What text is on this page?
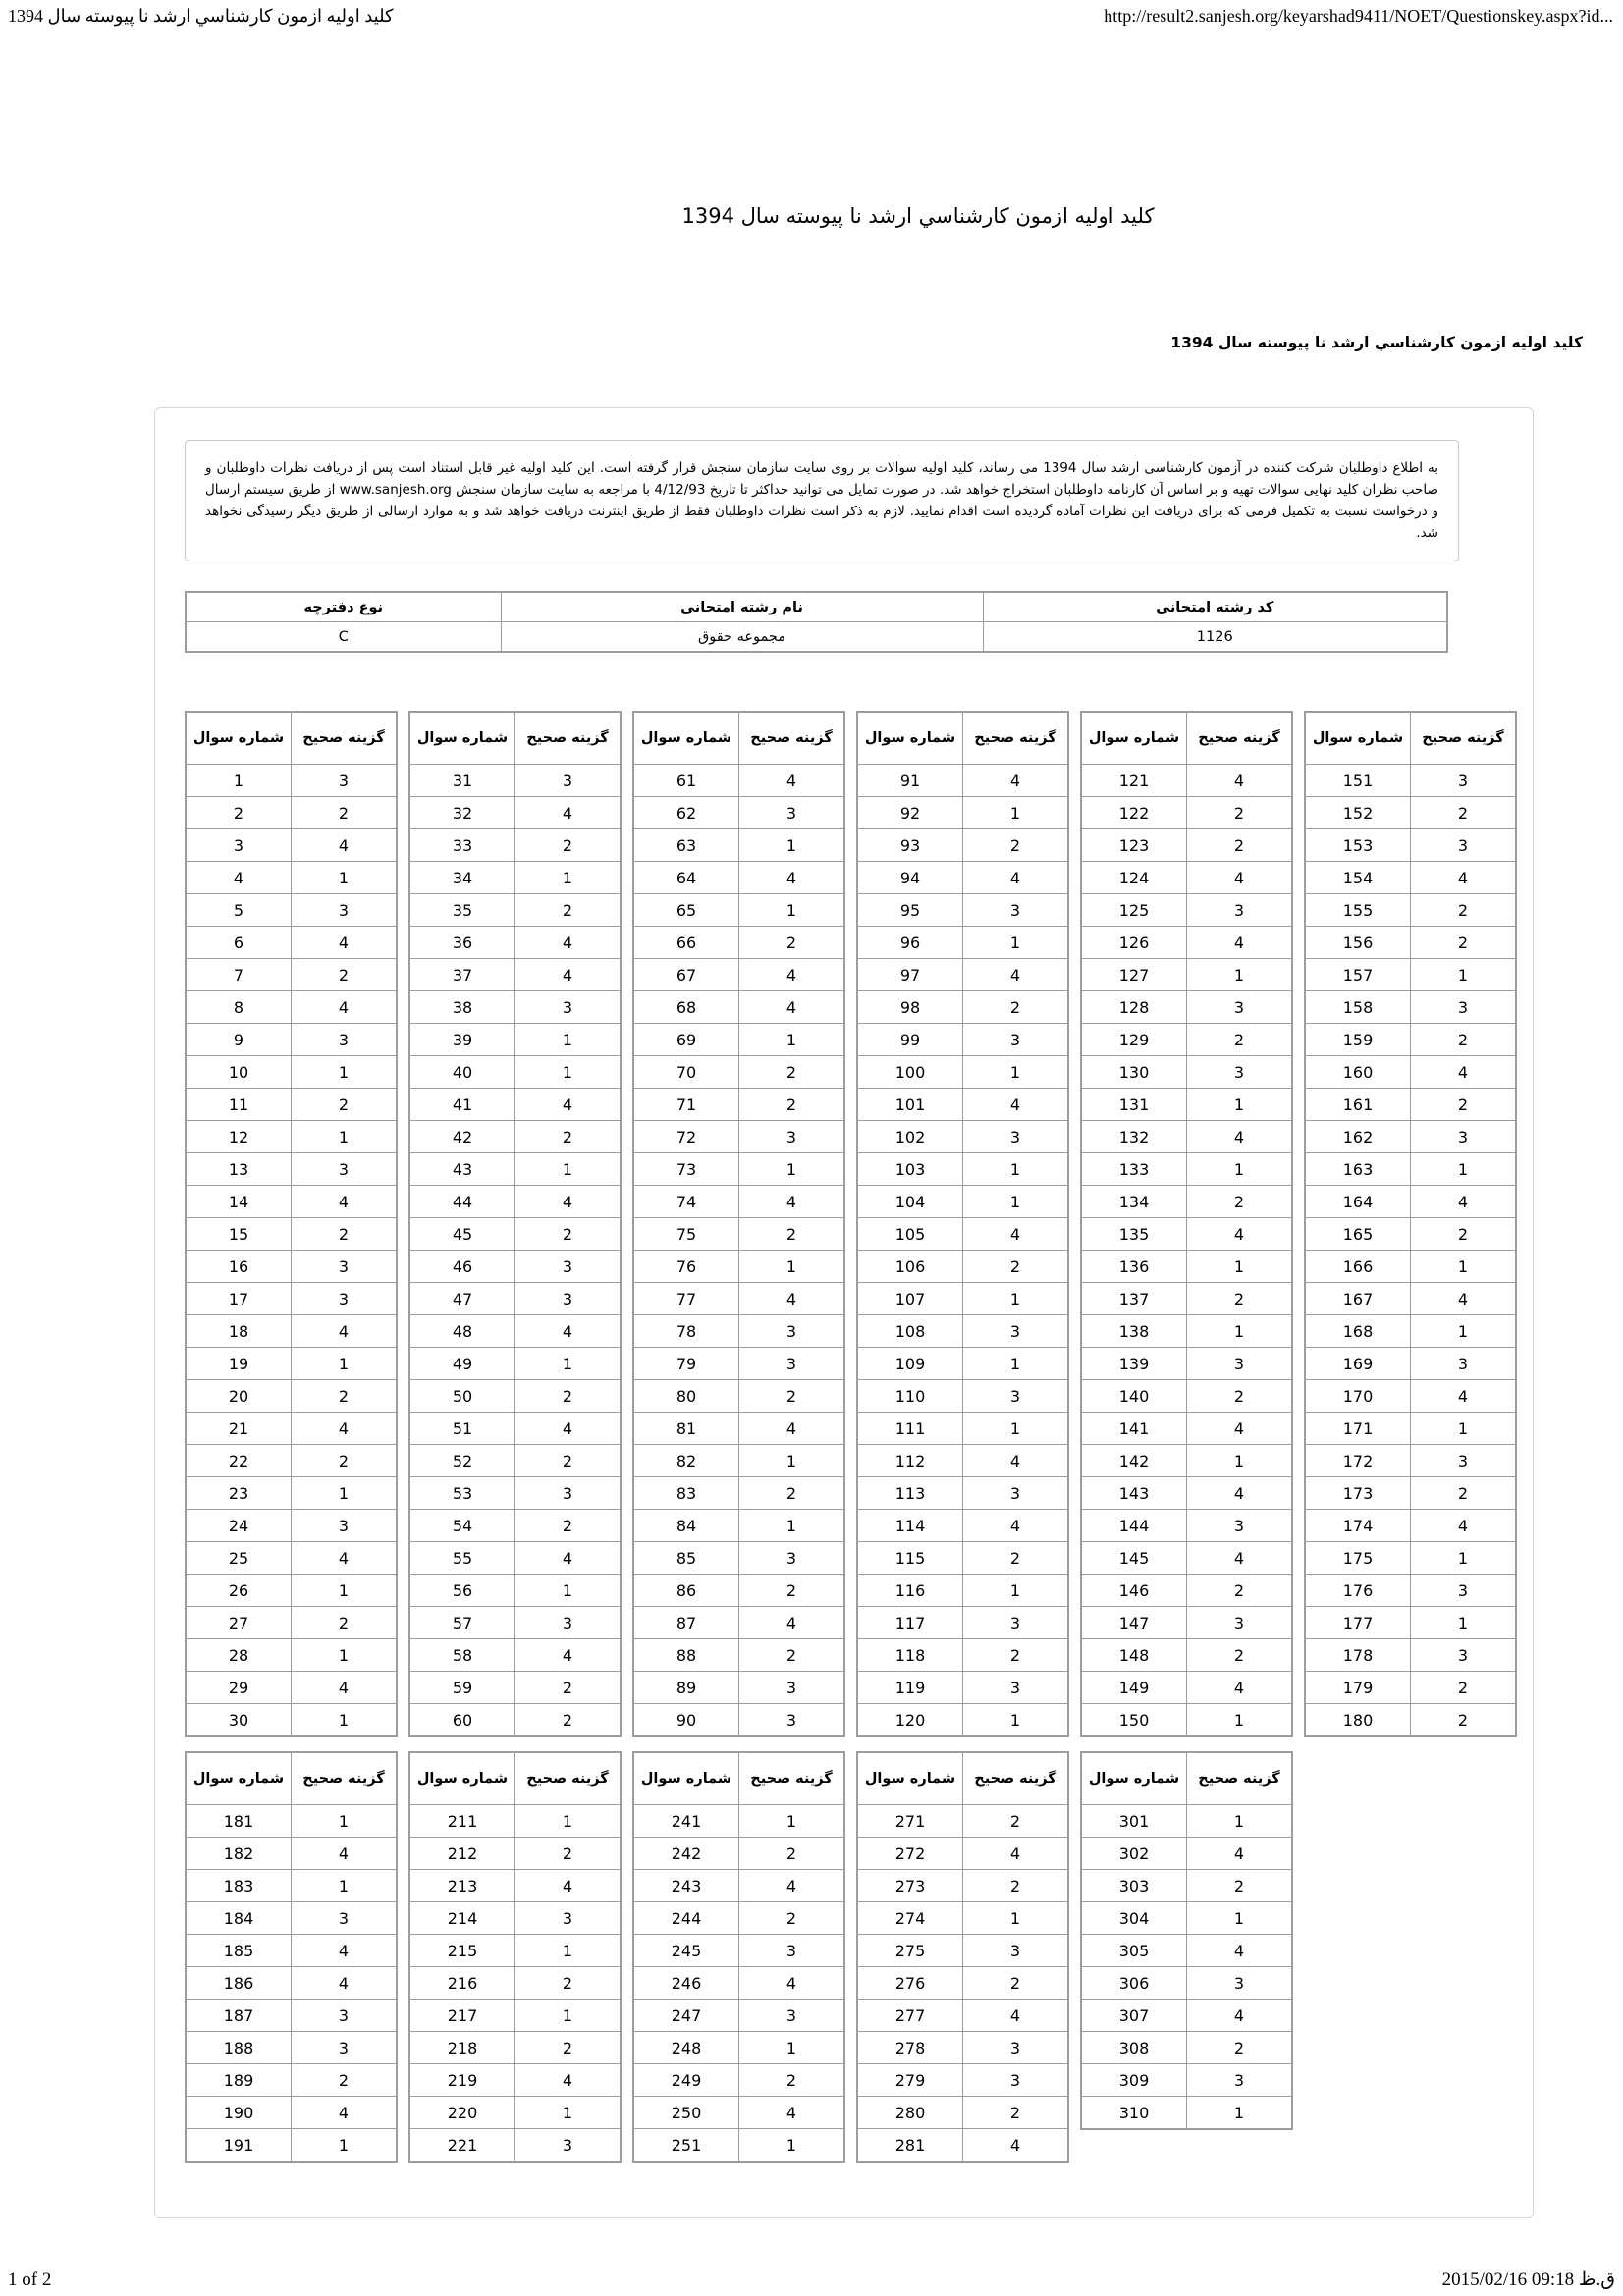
کلید اولیه ازمون کارشناسي ارشد نا پیوسته سال 1394	http://result2.sanjesh.org/keyarshad9411/NOET/Questionskey.aspx?id...
کلید اولیه ازمون کارشناسي ارشد نا پیوسته سال 1394
کلید اولیه ازمون کارشناسي ارشد نا پیوسته سال 1394
به اطلاع داوطلبان شرکت کننده در آزمون کارشناسی ارشد سال 1394 می رساند، کلید اولیه سوالات بر روی سایت سازمان سنجش قرار گرفته است. این کلید اولیه غیر قابل استناد است پس از دریافت نظرات داوطلبان و صاحب نظران کلید نهایی سوالات تهیه و بر اساس آن کارنامه داوطلبان استخراج خواهد شد. در صورت تمایل می توانید حداکثر تا تاریخ 4/12/93 با مراجعه به سایت سازمان سنجش www.sanjesh.org از طریق سیستم ارسال و درخواست نسبت به تکمیل فرمی که برای دریافت این نظرات آماده گردیده است اقدام نمایید. لازم به ذکر است نظرات داوطلبان فقط از طریق اینترنت دریافت خواهد شد و به موارد ارسالی از طریق دیگر رسیدگی نخواهد شد.
کد رشته امتحانی	نام رشته امتحانی	نوع دفترچه
1126	مجموعه حقوق	C
شماره سوال	گزینه صحیح
1	3
2	2
3	4
4	1
5	3
6	4
7	2
8	4
9	3
10	1
11	2
12	1
13	3
14	4
15	2
16	3
17	3
18	4
19	1
20	2
21	4
22	2
23	1
24	3
25	4
26	1
27	2
28	1
29	4
30	1
شماره سوال	گزینه صحیح
31	3
32	4
33	2
34	1
35	2
36	4
37	4
38	3
39	1
40	1
41	4
42	2
43	1
44	4
45	2
46	3
47	3
48	4
49	1
50	2
51	4
52	2
53	3
54	2
55	4
56	1
57	3
58	4
59	2
60	2
شماره سوال	گزینه صحیح
61	4
62	3
63	1
64	4
65	1
66	2
67	4
68	4
69	1
70	2
71	2
72	3
73	1
74	4
75	2
76	1
77	4
78	3
79	3
80	2
81	4
82	1
83	2
84	1
85	3
86	2
87	4
88	2
89	3
90	3
شماره سوال	گزینه صحیح
91	4
92	1
93	2
94	4
95	3
96	1
97	4
98	2
99	3
100	1
101	4
102	3
103	1
104	1
105	4
106	2
107	1
108	3
109	1
110	3
111	1
112	4
113	3
114	4
115	2
116	1
117	3
118	2
119	3
120	1
شماره سوال	گزینه صحیح
121	4
122	2
123	2
124	4
125	3
126	4
127	1
128	3
129	2
130	3
131	1
132	4
133	1
134	2
135	4
136	1
137	2
138	1
139	3
140	2
141	4
142	1
143	4
144	3
145	4
146	2
147	3
148	2
149	4
150	1
شماره سوال	گزینه صحیح
151	3
152	2
153	3
154	4
155	2
156	2
157	1
158	3
159	2
160	4
161	2
162	3
163	1
164	4
165	2
166	1
167	4
168	1
169	3
170	4
171	1
172	3
173	2
174	4
175	1
176	3
177	1
178	3
179	2
180	2
شماره سوال	گزینه صحیح
181	1
182	4
183	1
184	3
185	4
186	4
187	3
188	3
189	2
190	4
191	1
شماره سوال	گزینه صحیح
211	1
212	2
213	4
214	3
215	1
216	2
217	1
218	2
219	4
220	1
221	3
شماره سوال	گزینه صحیح
241	1
242	2
243	4
244	2
245	3
246	4
247	3
248	1
249	2
250	4
251	1
شماره سوال	گزینه صحیح
271	2
272	4
273	2
274	1
275	3
276	2
277	4
278	3
279	3
280	2
281	4
شماره سوال	گزینه صحیح
301	1
302	4
303	2
304	1
305	4
306	3
307	4
308	2
309	3
310	1
1 of 2	2015/02/16 09:18 ق.ظ
